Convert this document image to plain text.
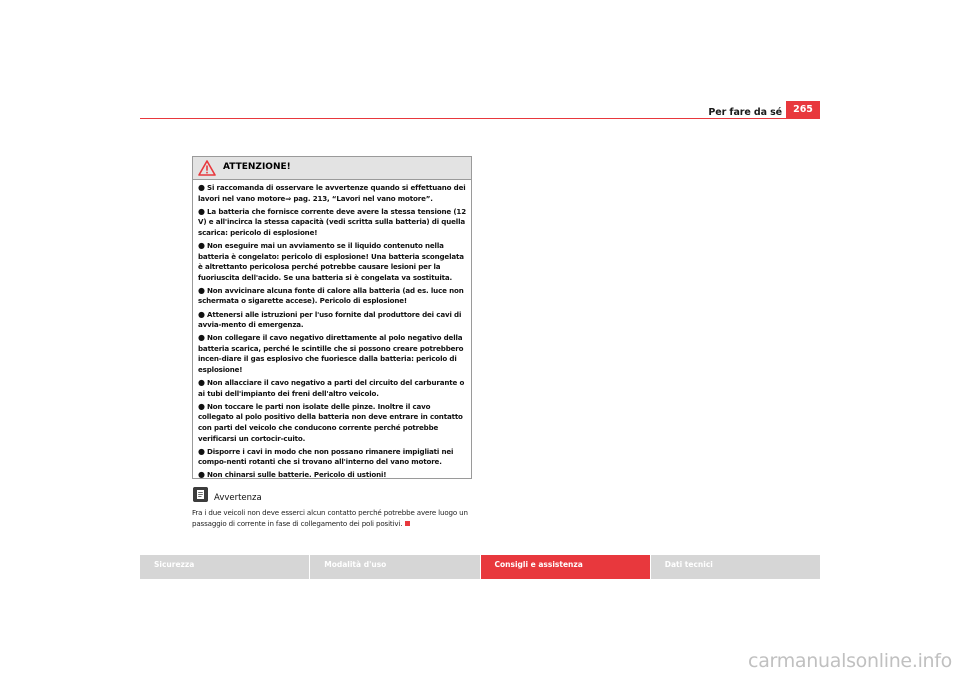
Per fare da sé	265
ATTENZIONE!

● Si raccomanda di osservare le avvertenze quando si effettuano dei lavori nel vano motore⇒ pag. 213, “Lavori nel vano motore”.

● La batteria che fornisce corrente deve avere la stessa tensione (12 V) e all'incirca la stessa capacità (vedi scritta sulla batteria) di quella scarica: pericolo di esplosione!

● Non eseguire mai un avviamento se il liquido contenuto nella batteria è congelato: pericolo di esplosione! Una batteria scongelata è altrettanto pericolosa perché potrebbe causare lesioni per la fuoriuscita dell'acido. Se una batteria si è congelata va sostituita.

● Non avvicinare alcuna fonte di calore alla batteria (ad es. luce non schermata o sigarette accese). Pericolo di esplosione!

● Attenersi alle istruzioni per l'uso fornite dal produttore dei cavi di avvia-mento di emergenza.

● Non collegare il cavo negativo direttamente al polo negativo della batteria scarica, perché le scintille che si possono creare potrebbero incen-diare il gas esplosivo che fuoriesce dalla batteria: pericolo di esplosione!

● Non allacciare il cavo negativo a parti del circuito del carburante o ai tubi dell'impianto dei freni dell'altro veicolo.

● Non toccare le parti non isolate delle pinze. Inoltre il cavo collegato al polo positivo della batteria non deve entrare in contatto con parti del veicolo che conducono corrente perché potrebbe verificarsi un cortocir-cuito.

● Disporre i cavi in modo che non possano rimanere impigliati nei compo-nenti rotanti che si trovano all'interno del vano motore.

● Non chinarsi sulle batterie. Pericolo di ustioni!

Avvertenza
Fra i due veicoli non deve esserci alcun contatto perché potrebbe avere luogo un passaggio di corrente in fase di collegamento dei poli positivi.
Sicurezza	Modalità d'uso	Consigli e assistenza	Dati tecnici
carmanualsonline.info
